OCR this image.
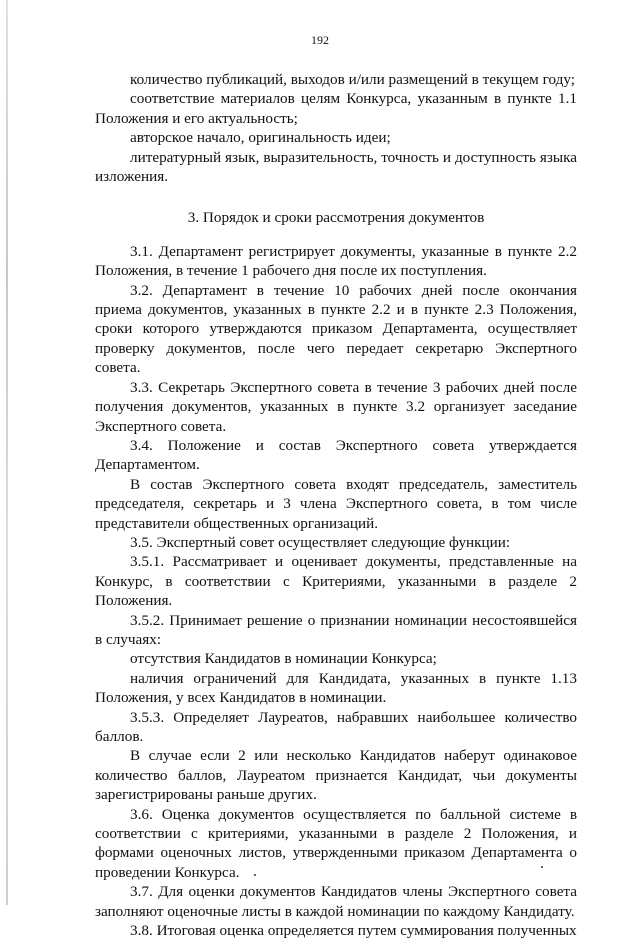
192

количество публикаций, выходов и/или размещений в текущем году;

соответствие материалов целям Конкурса, указанным в пункте 1.1 Положения и его актуальность;

авторское начало, оригинальность идеи;

литературный язык, выразительность, точность и доступность языка изложения.

3. Порядок и сроки рассмотрения документов

3.1. Департамент регистрирует документы, указанные в пункте 2.2 Положения, в течение 1 рабочего дня после их поступления.

3.2. Департамент в течение 10 рабочих дней после окончания приема документов, указанных в пункте 2.2 и в пункте 2.3 Положения, сроки которого утверждаются приказом Департамента, осуществляет проверку документов, после чего передает секретарю Экспертного совета.

3.3. Секретарь Экспертного совета в течение 3 рабочих дней после получения документов, указанных в пункте 3.2 организует заседание Экспертного совета.

3.4. Положение и состав Экспертного совета утверждается Департаментом.

В состав Экспертного совета входят председатель, заместитель председателя, секретарь и 3 члена Экспертного совета, в том числе представители общественных организаций.

3.5. Экспертный совет осуществляет следующие функции:

3.5.1. Рассматривает и оценивает документы, представленные на Конкурс, в соответствии с Критериями, указанными в разделе 2 Положения.

3.5.2. Принимает решение о признании номинации несостоявшейся в случаях:

отсутствия Кандидатов в номинации Конкурса;

наличия ограничений для Кандидата, указанных в пункте 1.13 Положения, у всех Кандидатов в номинации.

3.5.3. Определяет Лауреатов, набравших наибольшее количество баллов.

В случае если 2 или несколько Кандидатов наберут одинаковое количество баллов, Лауреатом признается Кандидат, чьи документы зарегистрированы раньше других.

3.6. Оценка документов осуществляется по балльной системе в соответствии с критериями, указанными в разделе 2 Положения, и формами оценочных листов, утвержденными приказом Департамента о проведении Конкурса.

3.7. Для оценки документов Кандидатов члены Экспертного совета заполняют оценочные листы в каждой номинации по каждому Кандидату.

3.8. Итоговая оценка определяется путем суммирования полученных
